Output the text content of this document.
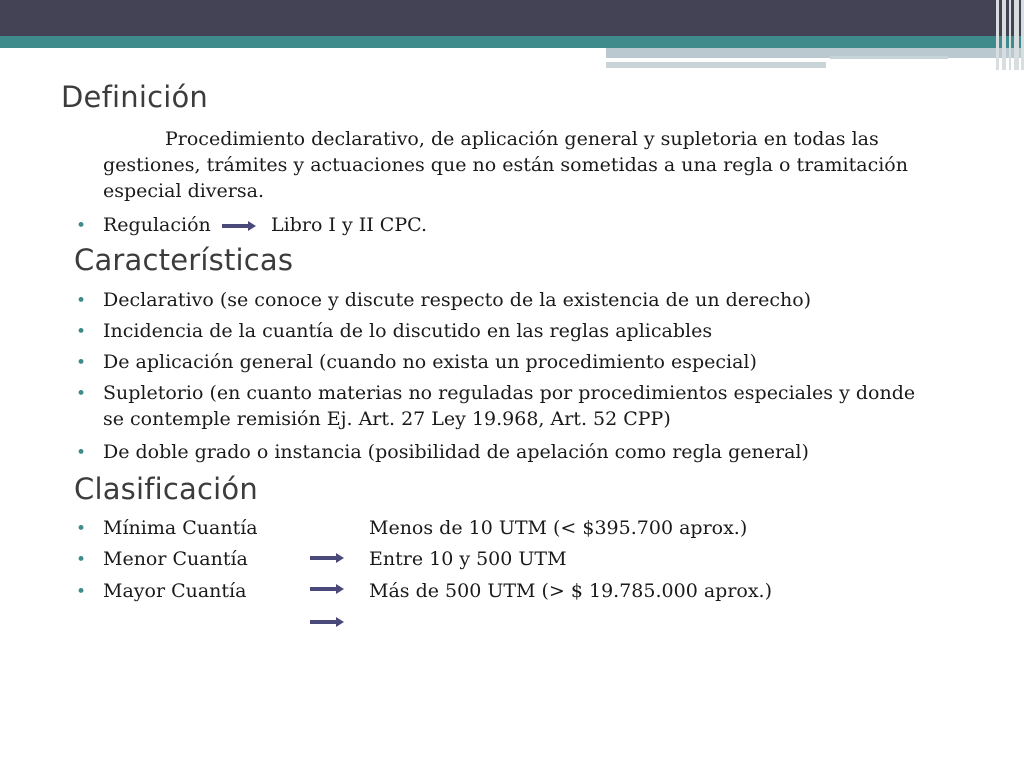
Definición
Procedimiento declarativo, de aplicación general y supletoria en todas las
gestiones, trámites y actuaciones que no están sometidas a una regla o tramitación
especial diversa.
• Regulación	Libro I y II CPC.
Características
• Declarativo (se conoce y discute respecto de la existencia de un derecho)
• Incidencia de la cuantía de lo discutido en las reglas aplicables
• De aplicación general (cuando no exista un procedimiento especial)
• Supletorio (en cuanto materias no reguladas por procedimientos especiales y donde
se contemple remisión Ej. Art. 27 Ley 19.968, Art. 52 CPP)
• De doble grado o instancia (posibilidad de apelación como regla general)
Clasificación
• Mínima Cuantía	Menos de 10 UTM (< $395.700 aprox.)
• Menor Cuantía	Entre 10 y 500 UTM
• Mayor Cuantía	Más de 500 UTM (> $ 19.785.000 aprox.)
